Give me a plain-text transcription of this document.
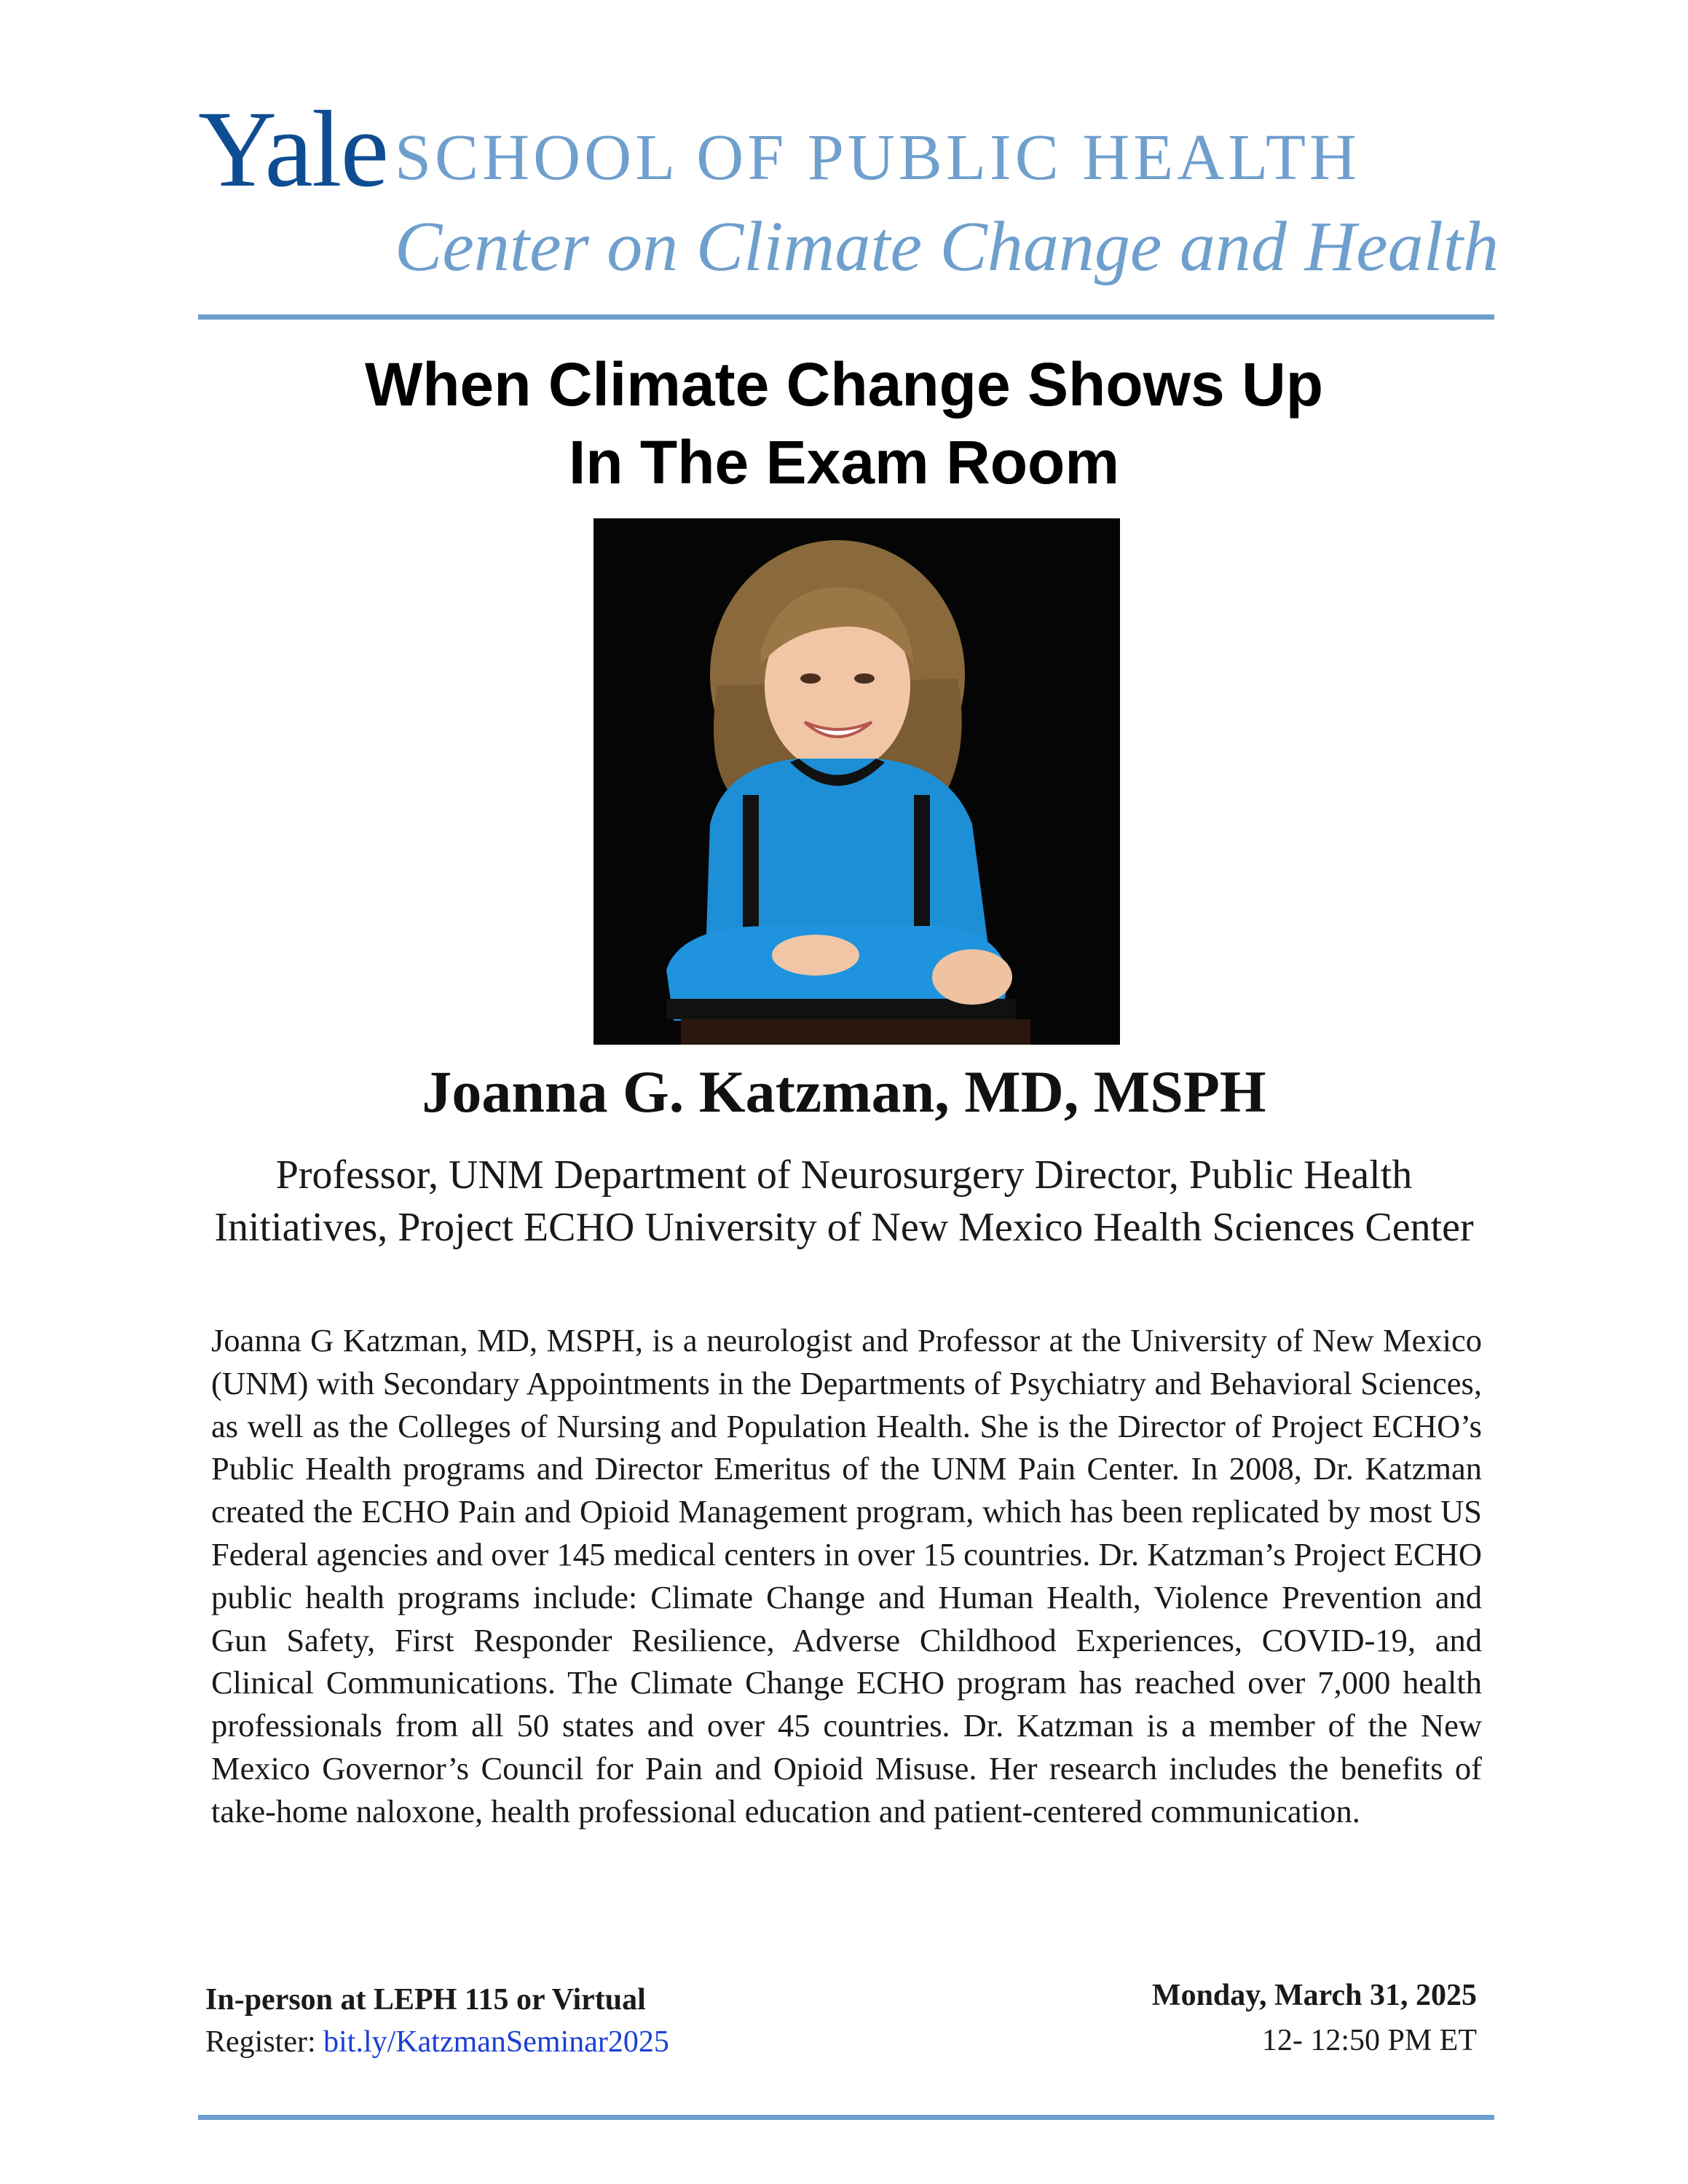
Yale SCHOOL OF PUBLIC HEALTH
Center on Climate Change and Health
When Climate Change Shows Up
In The Exam Room
Joanna G. Katzman, MD, MSPH
Professor, UNM Department of Neurosurgery Director, Public Health Initiatives, Project ECHO University of New Mexico Health Sciences Center
Joanna G Katzman, MD, MSPH, is a neurologist and Professor at the University of New Mexico (UNM) with Secondary Appointments in the Departments of Psychiatry and Behavioral Sciences, as well as the Colleges of Nursing and Population Health. She is the Director of Project ECHO’s Public Health programs and Director Emeritus of the UNM Pain Center. In 2008, Dr. Katzman created the ECHO Pain and Opioid Management program, which has been replicated by most US Federal agencies and over 145 medical centers in over 15 countries. Dr. Katzman’s Project ECHO public health programs include: Climate Change and Human Health, Violence Prevention and Gun Safety, First Responder Resilience, Adverse Childhood Experiences, COVID-19, and Clinical Communications. The Climate Change ECHO program has reached over 7,000 health professionals from all 50 states and over 45 countries. Dr. Katzman is a member of the New Mexico Governor’s Council for Pain and Opioid Misuse. Her research includes the benefits of take-home naloxone, health professional education and patient-centered communication.
In-person at LEPH 115 or Virtual
Register: bit.ly/KatzmanSeminar2025
Monday, March 31, 2025
12- 12:50 PM ET
